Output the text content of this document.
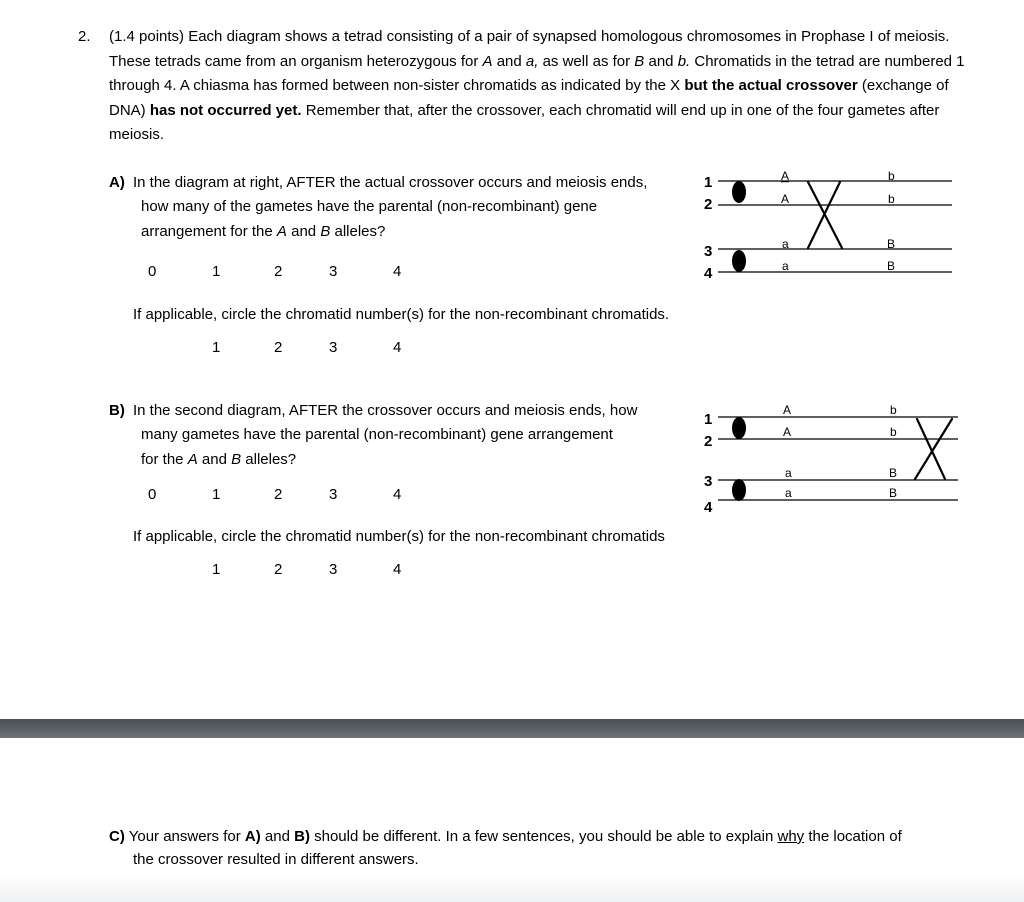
2. (1.4 points) Each diagram shows a tetrad consisting of a pair of synapsed homologous chromosomes in Prophase I of meiosis. These tetrads came from an organism heterozygous for A and a, as well as for B and b. Chromatids in the tetrad are numbered 1 through 4. A chiasma has formed between non-sister chromatids as indicated by the X but the actual crossover (exchange of DNA) has not occurred yet. Remember that, after the crossover, each chromatid will end up in one of the four gametes after meiosis.
A) In the diagram at right, AFTER the actual crossover occurs and meiosis ends,
how many of the gametes have the parental (non-recombinant) gene
arrangement for the A and B alleles?
0	1	2	3	4
If applicable, circle the chromatid number(s) for the non-recombinant chromatids.
1	2	3	4
1
2
3
4
A
A
a
a
b
b
B
B
B) In the second diagram, AFTER the crossover occurs and meiosis ends, how
many gametes have the parental (non-recombinant) gene arrangement
for the A and B alleles?
0	1	2	3	4
If applicable, circle the chromatid number(s) for the non-recombinant chromatids
1	2	3	4
1
2
3
4
A
A
a
a
b
b
B
B
C) Your answers for A) and B) should be different. In a few sentences, you should be able to explain why the location of
the crossover resulted in different answers.
